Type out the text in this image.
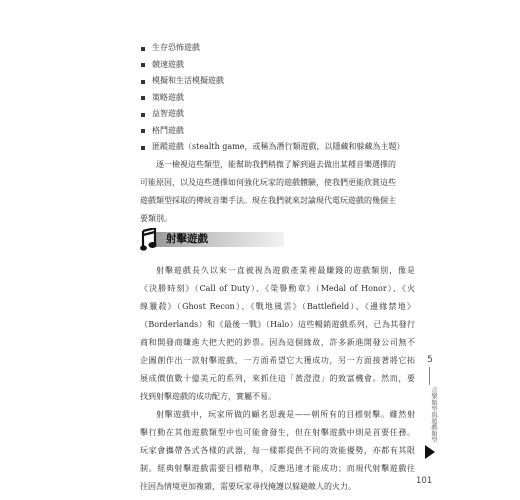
生存恐怖遊戲
競速遊戲
模擬和生活模擬遊戲
策略遊戲
益智遊戲
格鬥遊戲
匿蹤遊戲（stealth game，或稱為潛行類遊戲，以隱藏和躲藏為主題）
逐一檢視這些類型，能幫助我們稍微了解到過去做出某種音樂選擇的
可能原因，以及這些選擇如何強化玩家的遊戲體驗，使我們更能欣賞這些
遊戲類型採取的傳統音樂手法。現在我們就來討論現代電玩遊戲的幾個主
要類別。
射擊遊戲
射擊遊戲長久以來一直被視為遊戲產業裡最賺錢的遊戲類別，像是
《決勝時刻》（Call of Duty）、《榮譽勳章》（Medal of Honor）、《火
線獵殺》（Ghost Recon）、《戰地風雲》（Battlefield）、《邊緣禁地》
（Borderlands）和《最後一戰》（Halo）這些暢銷遊戲系列，已為其發行
商和開發商賺進大把大把的鈔票。因為這個緣故，許多新進開發公司無不
企圖創作出一款射擊遊戲，一方面希望它大獲成功，另一方面接著將它拓
展成價值數十億美元的系列，來抓住這「黃澄澄」的致富機會。然而，要
找到射擊遊戲的成功配方，實屬不易。
射擊遊戲中，玩家所做的顧名思義是——朝所有的目標射擊。雖然射
擊行動在其他遊戲類型中也可能會發生，但在射擊遊戲中則是首要任務。
玩家會攜帶各式各樣的武器，每一樣都提供不同的效能優勢，亦都有其限
制。經典射擊遊戲需要目標精準，反應迅速才能成功；而現代射擊遊戲往
往因為情境更加複雜，需要玩家尋找掩護以躲避敵人的火力。
5
音樂類型與遊戲類型
101
